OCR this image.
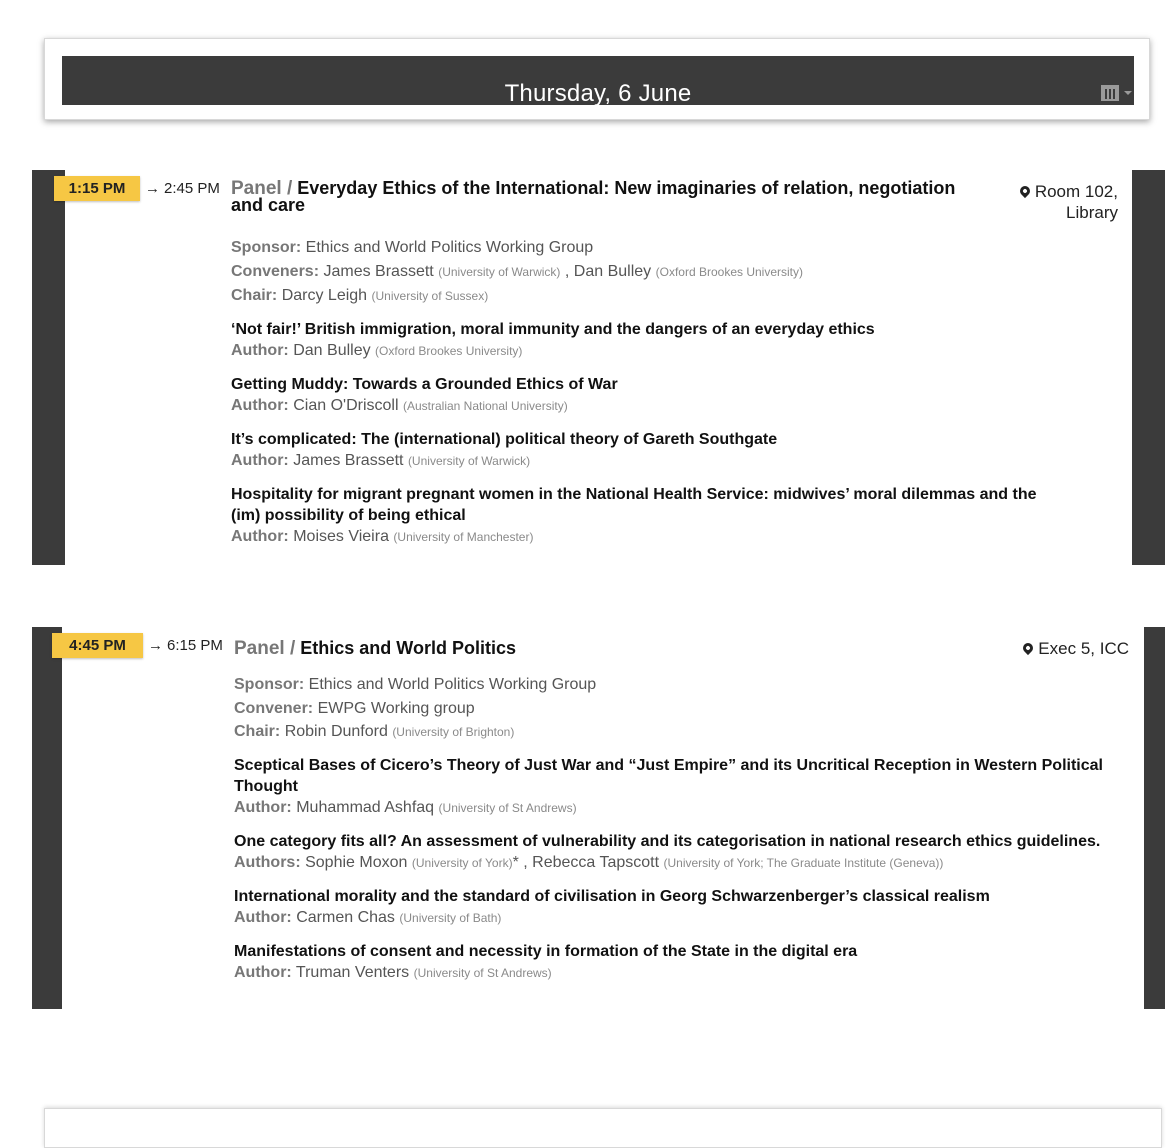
Thursday, 6 June
1:15 PM	→ 2:45 PM	Room 102,
Library
Panel / Everyday Ethics of the International: New imaginaries of relation, negotiation and care
Sponsor: Ethics and World Politics Working Group
Conveners: James Brassett (University of Warwick) , Dan Bulley (Oxford Brookes University)
Chair: Darcy Leigh (University of Sussex)
‘Not fair!’ British immigration, moral immunity and the dangers of an everyday ethics
Author: Dan Bulley (Oxford Brookes University)
Getting Muddy: Towards a Grounded Ethics of War
Author: Cian O'Driscoll (Australian National University)
It’s complicated: The (international) political theory of Gareth Southgate
Author: James Brassett (University of Warwick)
Hospitality for migrant pregnant women in the National Health Service: midwives’ moral dilemmas and the (im) possibility of being ethical
Author: Moises Vieira (University of Manchester)
4:45 PM	→ 6:15 PM	Exec 5, ICC
Panel / Ethics and World Politics
Sponsor: Ethics and World Politics Working Group
Convener: EWPG Working group
Chair: Robin Dunford (University of Brighton)
Sceptical Bases of Cicero’s Theory of Just War and “Just Empire” and its Uncritical Reception in Western Political Thought
Author: Muhammad Ashfaq (University of St Andrews)
One category fits all? An assessment of vulnerability and its categorisation in national research ethics guidelines.
Authors: Sophie Moxon (University of York)* , Rebecca Tapscott (University of York; The Graduate Institute (Geneva))
International morality and the standard of civilisation in Georg Schwarzenberger’s classical realism
Author: Carmen Chas (University of Bath)
Manifestations of consent and necessity in formation of the State in the digital era
Author: Truman Venters (University of St Andrews)
